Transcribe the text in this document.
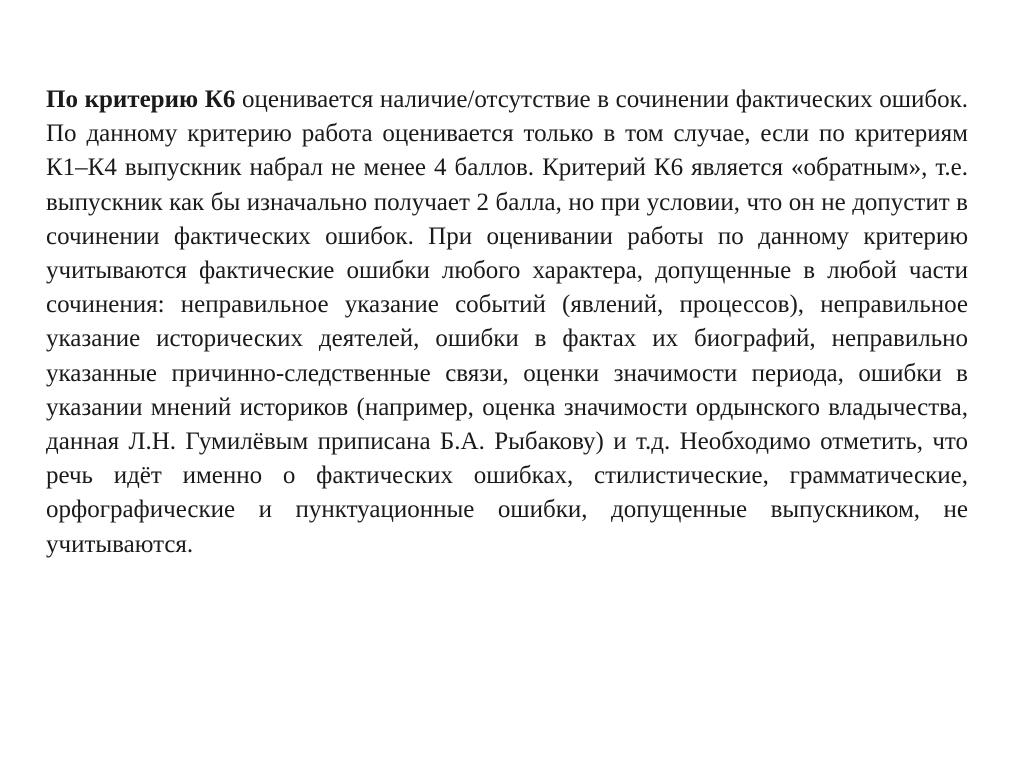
По критерию К6 оценивается наличие/отсутствие в сочинении фактических ошибок. По данному критерию работа оценивается только в том случае, если по критериям К1–К4 выпускник набрал не менее 4 баллов. Критерий К6 является «обратным», т.е. выпускник как бы изначально получает 2 балла, но при условии, что он не допустит в сочинении фактических ошибок. При оценивании работы по данному критерию учитываются фактические ошибки любого характера, допущенные в любой части сочинения: неправильное указание событий (явлений, процессов), неправильное указание исторических деятелей, ошибки в фактах их биографий, неправильно указанные причинно-следственные связи, оценки значимости периода, ошибки в указании мнений историков (например, оценка значимости ордынского владычества, данная Л.Н. Гумилёвым приписана Б.А. Рыбакову) и т.д. Необходимо отметить, что речь идёт именно о фактических ошибках, стилистические, грамматические, орфографические и пунктуационные ошибки, допущенные выпускником, не учитываются.
